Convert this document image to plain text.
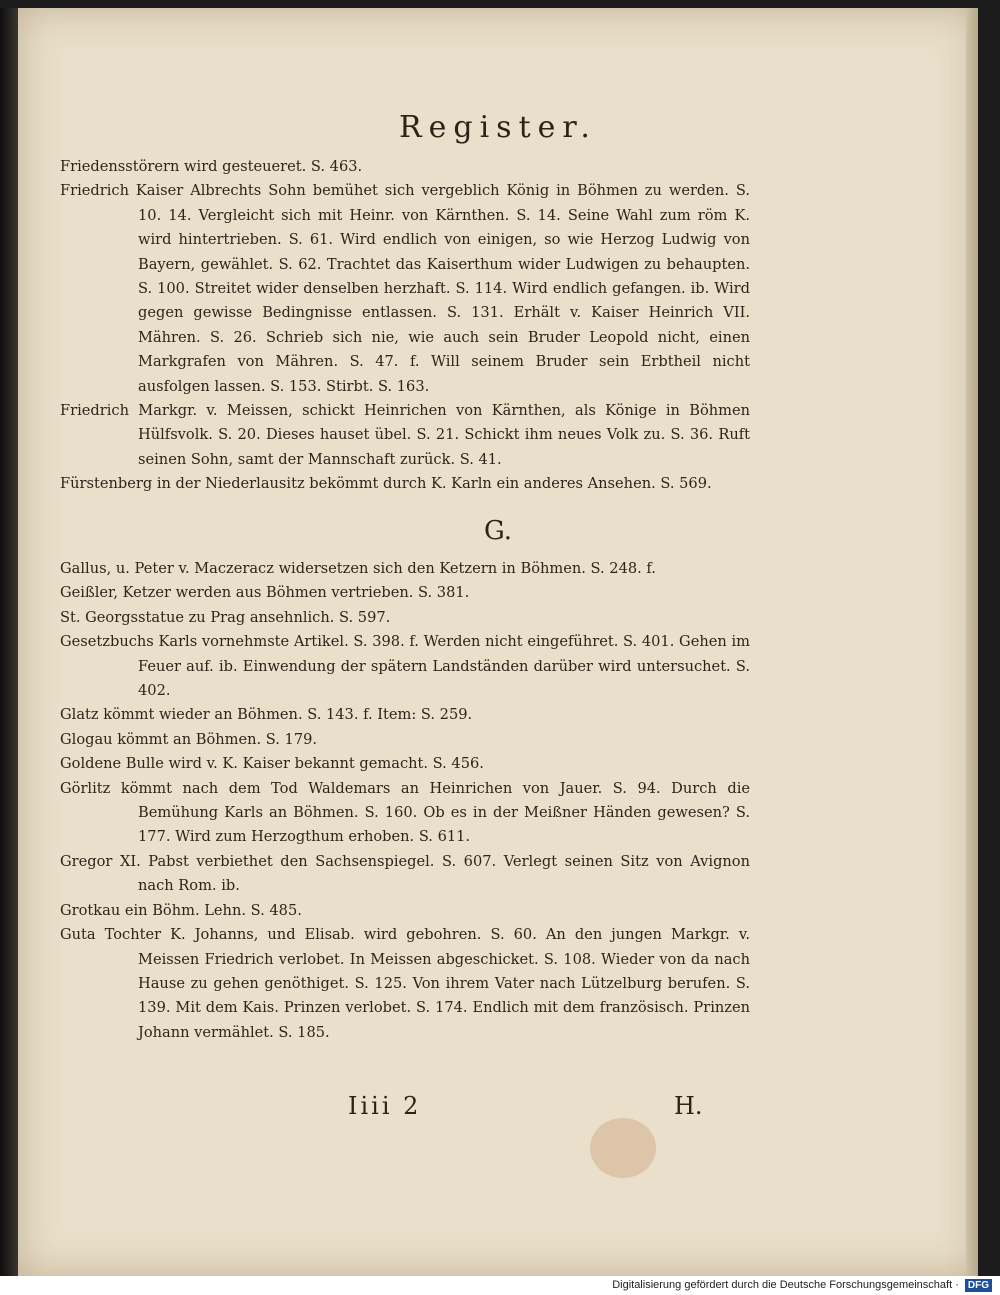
Register.

Friedensstörern wird gesteueret. S. 463.

Friedrich Kaiser Albrechts Sohn bemühet sich vergeblich König in Böhmen zu werden. S. 10. 14. Vergleicht sich mit Heinr. von Kärnthen. S. 14. Seine Wahl zum röm K. wird hintertrieben. S. 61. Wird endlich von einigen, so wie Herzog Ludwig von Bayern, gewählet. S. 62. Trachtet das Kaiserthum wider Ludwigen zu behaupten. S. 100. Streitet wider denselben herzhaft. S. 114. Wird endlich gefangen. ib. Wird gegen gewisse Bedingnisse entlassen. S. 131. Erhält v. Kaiser Heinrich VII. Mähren. S. 26. Schrieb sich nie, wie auch sein Bruder Leopold nicht, einen Markgrafen von Mähren. S. 47. f. Will seinem Bruder sein Erbtheil nicht ausfolgen lassen. S. 153. Stirbt. S. 163.

Friedrich Markgr. v. Meissen, schickt Heinrichen von Kärnthen, als Könige in Böhmen Hülfsvolk. S. 20. Dieses hauset übel. S. 21. Schickt ihm neues Volk zu. S. 36. Ruft seinen Sohn, samt der Mannschaft zurück. S. 41.

Fürstenberg in der Niederlausitz bekömmt durch K. Karln ein anderes Ansehen. S. 569.

G.

Gallus, u. Peter v. Maczeracz widersetzen sich den Ketzern in Böhmen. S. 248. f.

Geißler, Ketzer werden aus Böhmen vertrieben. S. 381.

St. Georgsstatue zu Prag ansehnlich. S. 597.

Gesetzbuchs Karls vornehmste Artikel. S. 398. f. Werden nicht eingeführet. S. 401. Gehen im Feuer auf. ib. Einwendung der spätern Landständen darüber wird untersuchet. S. 402.

Glatz kömmt wieder an Böhmen. S. 143. f. Item: S. 259.

Glogau kömmt an Böhmen. S. 179.

Goldene Bulle wird v. K. Kaiser bekannt gemacht. S. 456.

Görlitz kömmt nach dem Tod Waldemars an Heinrichen von Jauer. S. 94. Durch die Bemühung Karls an Böhmen. S. 160. Ob es in der Meißner Händen gewesen? S. 177. Wird zum Herzogthum erhoben. S. 611.

Gregor XI. Pabst verbiethet den Sachsenspiegel. S. 607. Verlegt seinen Sitz von Avignon nach Rom. ib.

Grotkau ein Böhm. Lehn. S. 485.

Guta Tochter K. Johanns, und Elisab. wird gebohren. S. 60. An den jungen Markgr. v. Meissen Friedrich verlobet. In Meissen abgeschicket. S. 108. Wieder von da nach Hause zu gehen genöthiget. S. 125. Von ihrem Vater nach Lützelburg berufen. S. 139. Mit dem Kais. Prinzen verlobet. S. 174. Endlich mit dem französisch. Prinzen Johann vermählet. S. 185.

Iiii 2	H.
Digitalisierung gefördert durch die Deutsche Forschungsgemeinschaft · DFG
